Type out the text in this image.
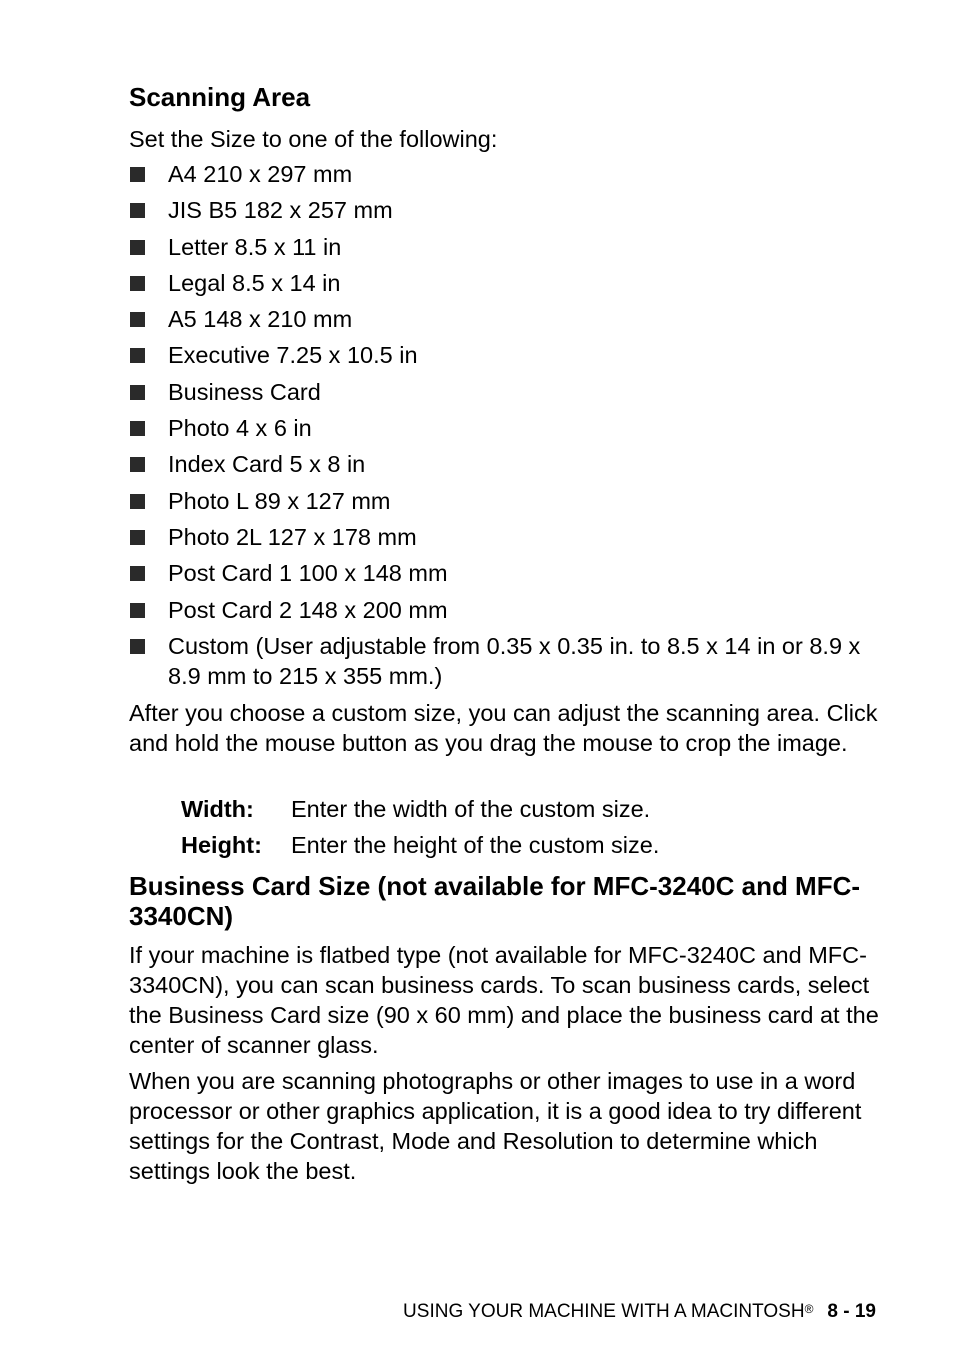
Scanning Area

Set the Size to one of the following:

A4 210 x 297 mm
JIS B5 182 x 257 mm
Letter 8.5 x 11 in
Legal 8.5 x 14 in
A5 148 x 210 mm
Executive 7.25 x 10.5 in
Business Card
Photo 4 x 6 in
Index Card 5 x 8 in
Photo L 89 x 127 mm
Photo 2L 127 x 178 mm
Post Card 1 100 x 148 mm
Post Card 2 148 x 200 mm
Custom (User adjustable from 0.35 x 0.35 in. to 8.5 x 14 in or 8.9 x 8.9 mm to 215 x 355 mm.)

After you choose a custom size, you can adjust the scanning area. Click and hold the mouse button as you drag the mouse to crop the image.

Width: Enter the width of the custom size.
Height: Enter the height of the custom size.
Business Card Size (not available for MFC-3240C and MFC-3340CN)

If your machine is flatbed type (not available for MFC-3240C and MFC-3340CN), you can scan business cards. To scan business cards, select the Business Card size (90 x 60 mm) and place the business card at the center of scanner glass.

When you are scanning photographs or other images to use in a word processor or other graphics application, it is a good idea to try different settings for the Contrast, Mode and Resolution to determine which settings look the best.

USING YOUR MACHINE WITH A MACINTOSH® 8 - 19
